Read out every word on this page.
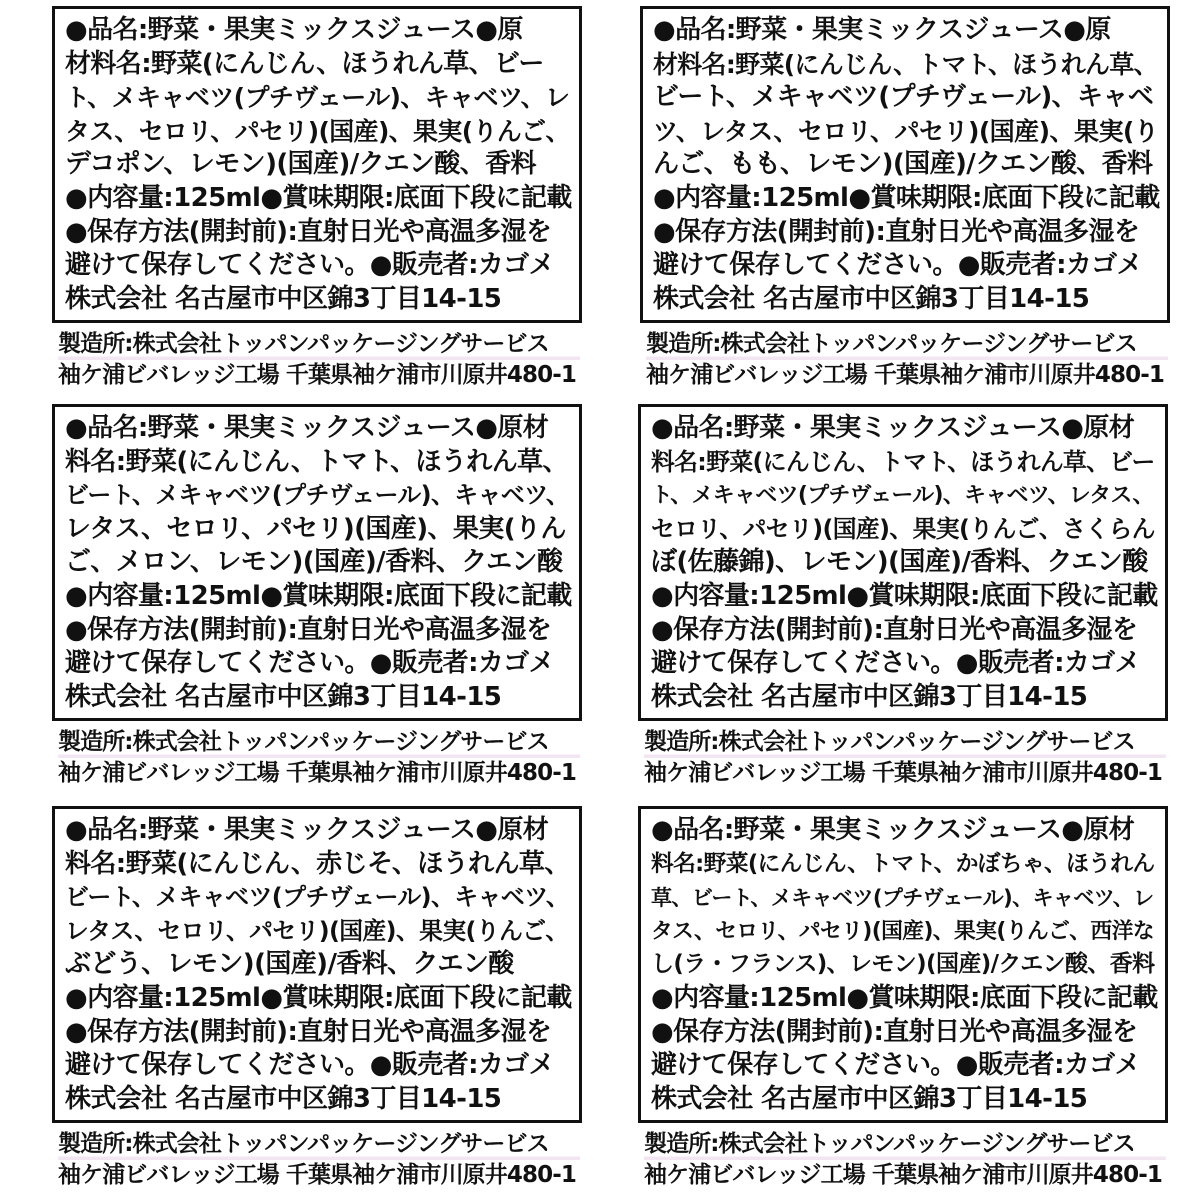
●品名:野菜・果実ミックスジュース●原
材料名:野菜(にんじん、ほうれん草、ビー
ト、メキャベツ(プチヴェール)、キャベツ、レ
タス、セロリ、パセリ)(国産)、果実(りんご、
デコポン、レモン)(国産)/クエン酸、香料
●内容量:125ml●賞味期限:底面下段に記載
●保存方法(開封前):直射日光や高温多湿を
避けて保存してください。●販売者:カゴメ
株式会社 名古屋市中区錦3丁目14-15
製造所:株式会社トッパンパッケージングサービス
袖ケ浦ビバレッジ工場 千葉県袖ケ浦市川原井480-1
●品名:野菜・果実ミックスジュース●原
材料名:野菜(にんじん、トマト、ほうれん草、
ビート、メキャベツ(プチヴェール)、キャベ
ツ、レタス、セロリ、パセリ)(国産)、果実(り
んご、もも、レモン)(国産)/クエン酸、香料
●内容量:125ml●賞味期限:底面下段に記載
●保存方法(開封前):直射日光や高温多湿を
避けて保存してください。●販売者:カゴメ
株式会社 名古屋市中区錦3丁目14-15
製造所:株式会社トッパンパッケージングサービス
袖ケ浦ビバレッジ工場 千葉県袖ケ浦市川原井480-1
●品名:野菜・果実ミックスジュース●原材
料名:野菜(にんじん、トマト、ほうれん草、
ビート、メキャベツ(プチヴェール)、キャベツ、
レタス、セロリ、パセリ)(国産)、果実(りん
ご、メロン、レモン)(国産)/香料、クエン酸
●内容量:125ml●賞味期限:底面下段に記載
●保存方法(開封前):直射日光や高温多湿を
避けて保存してください。●販売者:カゴメ
株式会社 名古屋市中区錦3丁目14-15
製造所:株式会社トッパンパッケージングサービス
袖ケ浦ビバレッジ工場 千葉県袖ケ浦市川原井480-1
●品名:野菜・果実ミックスジュース●原材
料名:野菜(にんじん、トマト、ほうれん草、ビー
ト、メキャベツ(プチヴェール)、キャベツ、レタス、
セロリ、パセリ)(国産)、果実(りんご、さくらん
ぼ(佐藤錦)、レモン)(国産)/香料、クエン酸
●内容量:125ml●賞味期限:底面下段に記載
●保存方法(開封前):直射日光や高温多湿を
避けて保存してください。●販売者:カゴメ
株式会社 名古屋市中区錦3丁目14-15
製造所:株式会社トッパンパッケージングサービス
袖ケ浦ビバレッジ工場 千葉県袖ケ浦市川原井480-1
●品名:野菜・果実ミックスジュース●原材
料名:野菜(にんじん、赤じそ、ほうれん草、
ビート、メキャベツ(プチヴェール)、キャベツ、
レタス、セロリ、パセリ)(国産)、果実(りんご、
ぶどう、レモン)(国産)/香料、クエン酸
●内容量:125ml●賞味期限:底面下段に記載
●保存方法(開封前):直射日光や高温多湿を
避けて保存してください。●販売者:カゴメ
株式会社 名古屋市中区錦3丁目14-15
製造所:株式会社トッパンパッケージングサービス
袖ケ浦ビバレッジ工場 千葉県袖ケ浦市川原井480-1
●品名:野菜・果実ミックスジュース●原材
料名:野菜(にんじん、トマト、かぼちゃ、ほうれん
草、ビート、メキャベツ(プチヴェール)、キャベツ、レ
タス、セロリ、パセリ)(国産)、果実(りんご、西洋な
し(ラ・フランス)、レモン)(国産)/クエン酸、香料
●内容量:125ml●賞味期限:底面下段に記載
●保存方法(開封前):直射日光や高温多湿を
避けて保存してください。●販売者:カゴメ
株式会社 名古屋市中区錦3丁目14-15
製造所:株式会社トッパンパッケージングサービス
袖ケ浦ビバレッジ工場 千葉県袖ケ浦市川原井480-1
